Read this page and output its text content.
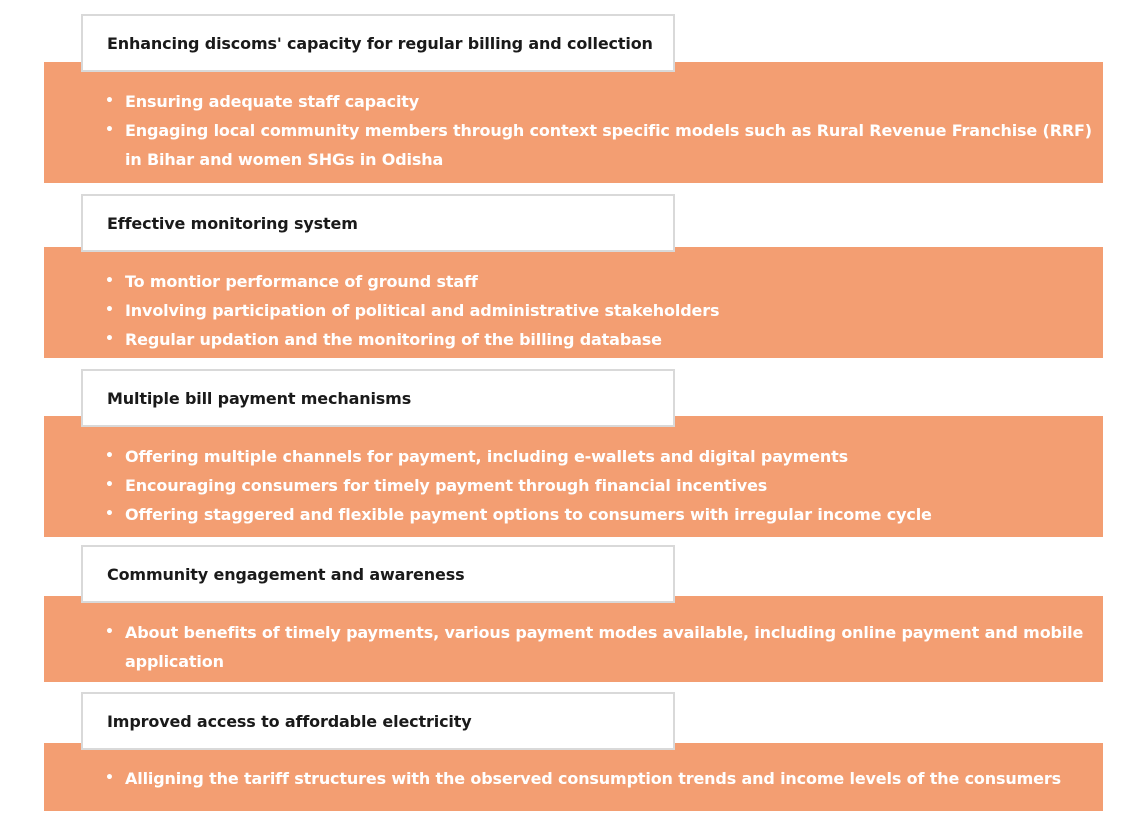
Enhancing discoms' capacity for regular billing and collection
• Ensuring adequate staff capacity
• Engaging local community members through context specific models such as Rural Revenue Franchise (RRF) in Bihar and women SHGs in Odisha
Effective monitoring system
• To montior performance of ground staff
• Involving participation of political and administrative stakeholders
• Regular updation and the monitoring of the billing database
Multiple bill payment mechanisms
• Offering multiple channels for payment, including e-wallets and digital payments
• Encouraging consumers for timely payment through financial incentives
• Offering staggered and flexible payment options to consumers with irregular income cycle
Community engagement and awareness
• About benefits of timely payments, various payment modes available, including online payment and mobile application
Improved access to affordable electricity
• Alligning the tariff structures with the observed consumption trends and income levels of the consumers
